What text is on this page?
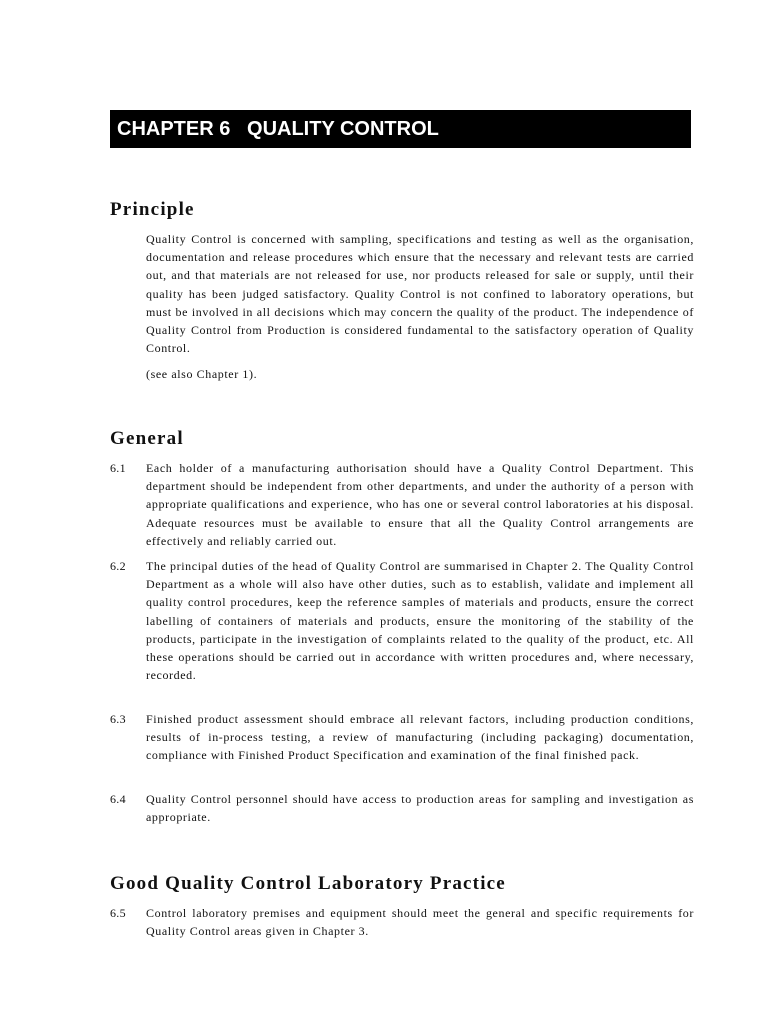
CHAPTER 6   QUALITY CONTROL
Principle

Quality Control is concerned with sampling, specifications and testing as well as the organisation, documentation and release procedures which ensure that the necessary and relevant tests are carried out, and that materials are not released for use, nor products released for sale or supply, until their quality has been judged satisfactory. Quality Control is not confined to laboratory operations, but must be involved in all decisions which may concern the quality of the product. The independence of Quality Control from Production is considered fundamental to the satisfactory operation of Quality Control.

(see also Chapter 1).

General
6.1	Each holder of a manufacturing authorisation should have a Quality Control Department. This department should be independent from other departments, and under the authority of a person with appropriate qualifications and experience, who has one or several control laboratories at his disposal. Adequate resources must be available to ensure that all the Quality Control arrangements are effectively and reliably carried out.
6.2	The principal duties of the head of Quality Control are summarised in Chapter 2. The Quality Control Department as a whole will also have other duties, such as to establish, validate and implement all quality control procedures, keep the reference samples of materials and products, ensure the correct labelling of containers of materials and products, ensure the monitoring of the stability of the products, participate in the investigation of complaints related to the quality of the product, etc. All these operations should be carried out in accordance with written procedures and, where necessary, recorded.
6.3	Finished product assessment should embrace all relevant factors, including production conditions, results of in-process testing, a review of manufacturing (including packaging) documentation, compliance with Finished Product Specification and examination of the final finished pack.
6.4	Quality Control personnel should have access to production areas for sampling and investigation as appropriate.
Good Quality Control Laboratory Practice
6.5	Control laboratory premises and equipment should meet the general and specific requirements for Quality Control areas given in Chapter 3.
